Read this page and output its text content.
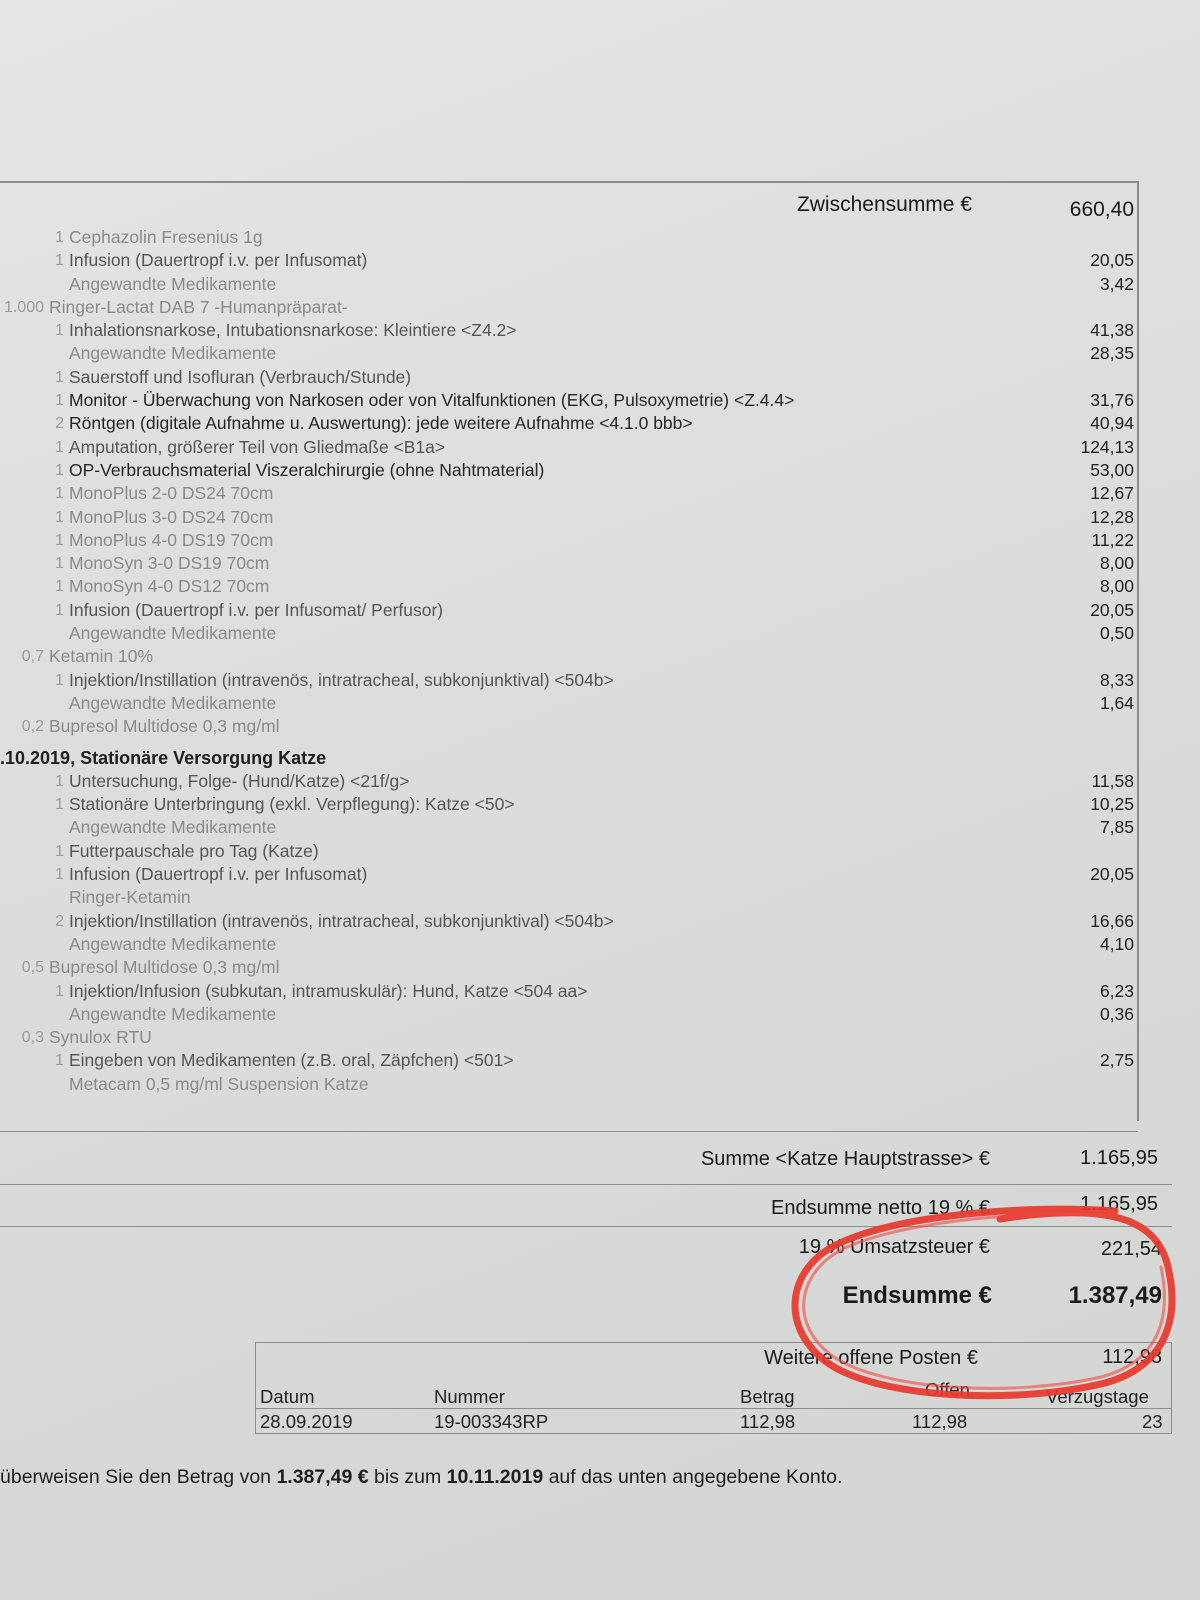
Zwischensumme €	660,40
1 Cephazolin Fresenius 1g
1 Infusion (Dauertropf i.v. per Infusomat)	20,05
Angewandte Medikamente	3,42
1.000 Ringer-Lactat DAB 7 -Humanpräparat-
1 Inhalationsnarkose, Intubationsnarkose: Kleintiere <Z4.2>	41,38
Angewandte Medikamente	28,35
1 Sauerstoff und Isofluran (Verbrauch/Stunde)
1 Monitor - Überwachung von Narkosen oder von Vitalfunktionen (EKG, Pulsoxymetrie) <Z.4.4>	31,76
2 Röntgen (digitale Aufnahme u. Auswertung): jede weitere Aufnahme <4.1.0 bbb>	40,94
1 Amputation, größerer Teil von Gliedmaße <B1a>	124,13
1 OP-Verbrauchsmaterial Viszeralchirurgie (ohne Nahtmaterial)	53,00
1 MonoPlus 2-0 DS24 70cm	12,67
1 MonoPlus 3-0 DS24 70cm	12,28
1 MonoPlus 4-0 DS19 70cm	11,22
1 MonoSyn 3-0 DS19 70cm	8,00
1 MonoSyn 4-0 DS12 70cm	8,00
1 Infusion (Dauertropf i.v. per Infusomat/ Perfusor)	20,05
Angewandte Medikamente	0,50
0,7 Ketamin 10%
1 Injektion/Instillation (intravenös, intratracheal, subkonjunktival) <504b>	8,33
Angewandte Medikamente	1,64
0,2 Bupresol Multidose 0,3 mg/ml
.10.2019, Stationäre Versorgung Katze
1 Untersuchung, Folge- (Hund/Katze) <21f/g>	11,58
1 Stationäre Unterbringung (exkl. Verpflegung): Katze <50>	10,25
Angewandte Medikamente	7,85
1 Futterpauschale pro Tag (Katze)
1 Infusion (Dauertropf i.v. per Infusomat)	20,05
Ringer-Ketamin
2 Injektion/Instillation (intravenös, intratracheal, subkonjunktival) <504b>	16,66
Angewandte Medikamente	4,10
0,5 Bupresol Multidose 0,3 mg/ml
1 Injektion/Infusion (subkutan, intramuskulär): Hund, Katze <504 aa>	6,23
Angewandte Medikamente	0,36
0,3 Synulox RTU
1 Eingeben von Medikamenten (z.B. oral, Zäpfchen) <501>	2,75
Metacam 0,5 mg/ml Suspension Katze
Summe <Katze Hauptstrasse> €	1.165,95
Endsumme netto 19 % €	1.165,95
19 % Umsatzsteuer €	221,54
Endsumme €	1.387,49
Weitere offene Posten €	112,98
Datum	Nummer	Betrag	Offen	Verzugstage
28.09.2019	19-003343RP	112,98	112,98	23
überweisen Sie den Betrag von 1.387,49 € bis zum 10.11.2019 auf das unten angegebene Konto.
